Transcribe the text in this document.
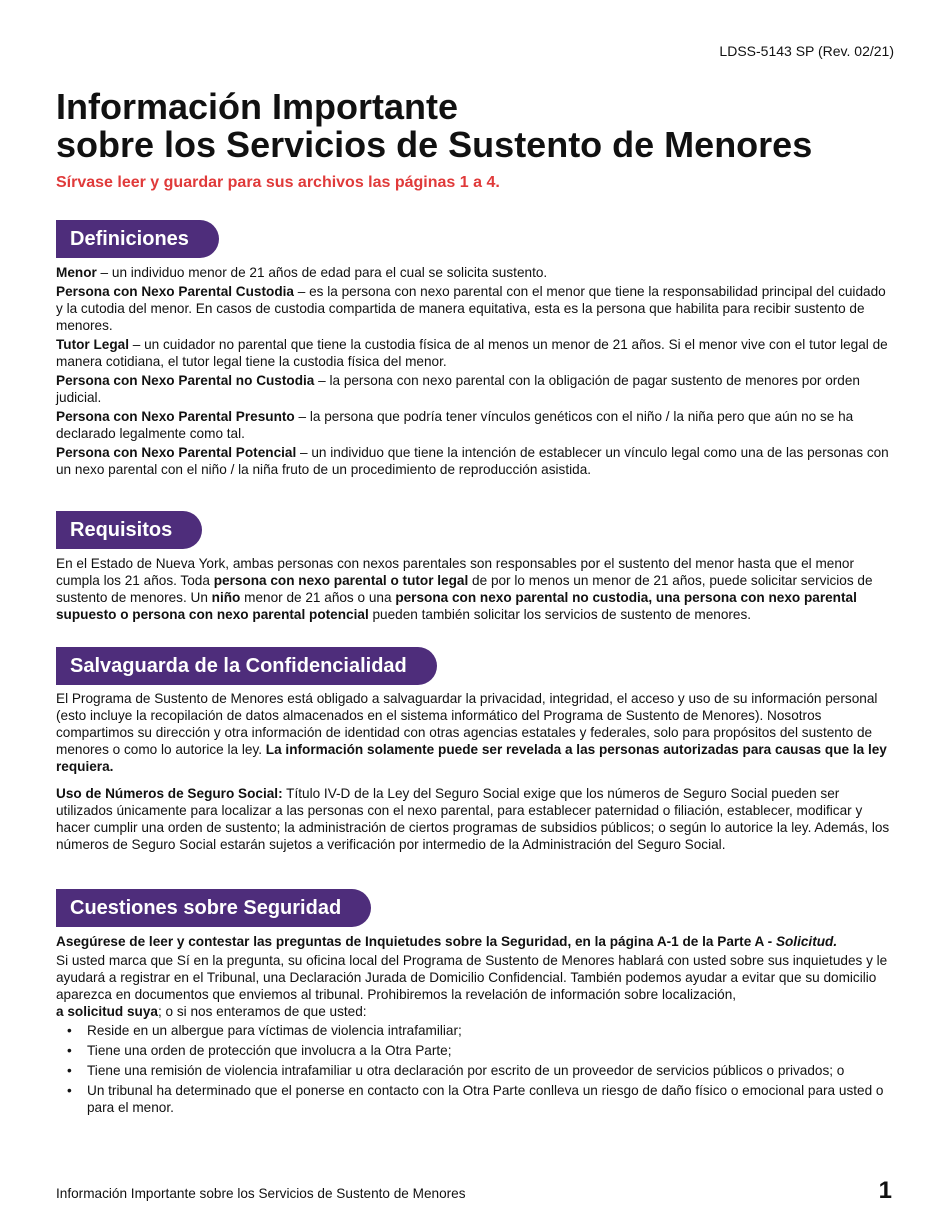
LDSS-5143 SP (Rev. 02/21)
Información Importante
sobre los Servicios de Sustento de Menores
Sírvase leer y guardar para sus archivos las páginas 1 a 4.
Definiciones

Menor – un individuo menor de 21 años de edad para el cual se solicita sustento.

Persona con Nexo Parental Custodia – es la persona con nexo parental con el menor que tiene la responsabilidad principal del cuidado y la cutodia del menor. En casos de custodia compartida de manera equitativa, esta es la persona que habilita para recibir sustento de menores.

Tutor Legal – un cuidador no parental que tiene la custodia física de al menos un menor de 21 años. Si el menor vive con el tutor legal de manera cotidiana, el tutor legal tiene la custodia física del menor.

Persona con Nexo Parental no Custodia – la persona con nexo parental con la obligación de pagar sustento de menores por orden judicial.

Persona con Nexo Parental Presunto – la persona que podría tener vínculos genéticos con el niño / la niña pero que aún no se ha declarado legalmente como tal.

Persona con Nexo Parental Potencial – un individuo que tiene la intención de establecer un vínculo legal como una de las personas con un nexo parental con el niño / la niña fruto de un procedimiento de reproducción asistida.

Requisitos

En el Estado de Nueva York, ambas personas con nexos parentales son responsables por el sustento del menor hasta que el menor cumpla los 21 años. Toda persona con nexo parental o tutor legal de por lo menos un menor de 21 años, puede solicitar servicios de sustento de menores. Un niño menor de 21 años o una persona con nexo parental no custodia, una persona con nexo parental supuesto o persona con nexo parental potencial pueden también solicitar los servicios de sustento de menores.

Salvaguarda de la Confidencialidad

El Programa de Sustento de Menores está obligado a salvaguardar la privacidad, integridad, el acceso y uso de su información personal (esto incluye la recopilación de datos almacenados en el sistema informático del Programa de Sustento de Menores). Nosotros compartimos su dirección y otra información de identidad con otras agencias estatales y federales, solo para propósitos del sustento de menores o como lo autorice la ley. La información solamente puede ser revelada a las personas autorizadas para causas que la ley requiera.

Uso de Números de Seguro Social: Título IV-D de la Ley del Seguro Social exige que los números de Seguro Social pueden ser utilizados únicamente para localizar a las personas con el nexo parental, para establecer paternidad o filiación, establecer, modificar y hacer cumplir una orden de sustento; la administración de ciertos programas de subsidios públicos; o según lo autorice la ley. Además, los números de Seguro Social estarán sujetos a verificación por intermedio de la Administración del Seguro Social.

Cuestiones sobre Seguridad

Asegúrese de leer y contestar las preguntas de Inquietudes sobre la Seguridad, en la página A-1 de la Parte A - Solicitud.

Si usted marca que Sí en la pregunta, su oficina local del Programa de Sustento de Menores hablará con usted sobre sus inquietudes y le ayudará a registrar en el Tribunal, una Declaración Jurada de Domicilio Confidencial. También podemos ayudar a evitar que su domicilio aparezca en documentos que enviemos al tribunal. Prohibiremos la revelación de información sobre localización,
a solicitud suya; o si nos enteramos de que usted:

• Reside en un albergue para víctimas de violencia intrafamiliar;
• Tiene una orden de protección que involucra a la Otra Parte;
• Tiene una remisión de violencia intrafamiliar u otra declaración por escrito de un proveedor de servicios públicos o privados; o
• Un tribunal ha determinado que el ponerse en contacto con la Otra Parte conlleva un riesgo de daño físico o emocional para usted o para el menor.
Información Importante sobre los Servicios de Sustento de Menores	1
